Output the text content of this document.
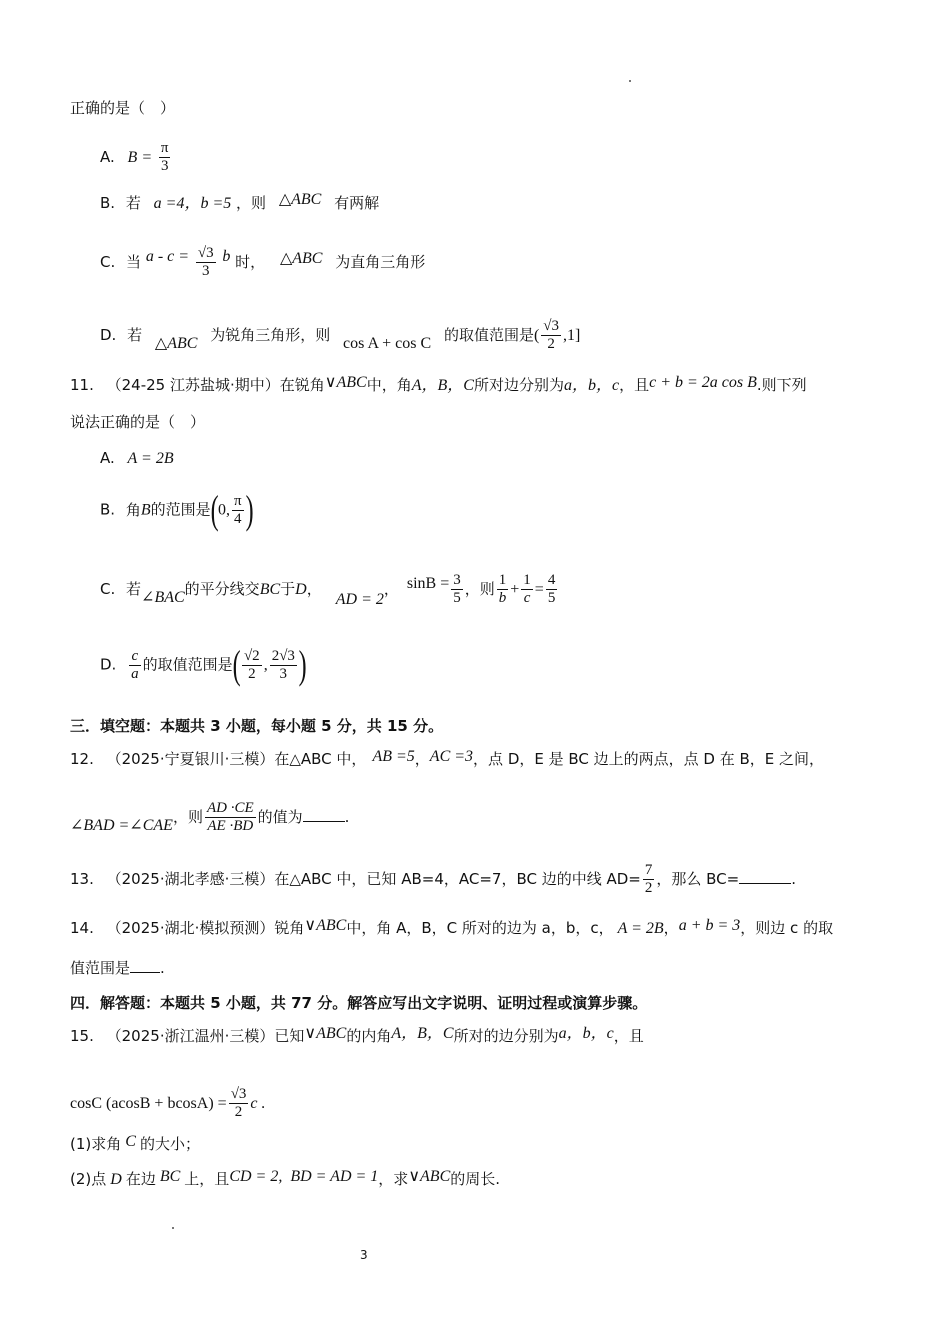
正确的是（　）
A. $B = \frac{\pi}{3}$
B. 若 a =4，b =5 ，则 △ABC 有两解
C. 当 $a - c = \frac{√3}{3}$ b 时， △ABC 为直角三角形
D. 若 △ABC 为锐角三角形，则 cos A + cos C 的取值范围是( $\frac{√3}{2} ,1$]
11. （24-25 江苏盐城·期中）在锐角∨ABC中，角A，B，C所对边分别为a，b，c，且c + b = 2a cos B.则下列
说法正确的是（　）
A. A = 2B
B. 角B的范围是(0, $\frac{\pi}{4}$ )
C. 若∠BAC的平分线交BC于D，AD = 2， $\sin B = \frac{3}{5}$ ，则 $\frac{1}{b} + \frac{1}{c} = \frac{4}{5}$
D. $\frac{c}{a}$ 的取值范围是( $\frac{√2}{2}$ , $\frac{2√3}{3}$ )
三．填空题：本题共 3 小题，每小题 5 分，共 15 分。
12. （2025·宁夏银川·三模）在△ABC 中， AB =5，AC =3，点 D，E 是 BC 边上的两点，点 D 在 B，E 之间，
∠BAD =∠CAE，则 $\frac{AD \cdot CE}{AE \cdot BD}$ 的值为	.
13. （2025·湖北孝感·三模）在△ABC 中，已知 AB=4，AC=7，BC 边的中线 $AD= \frac{7}{2}$ ，那么 BC=	.
14. （2025·湖北·模拟预测）锐角∨ABC中，角 A，B，C 所对的边为 a，b，c， A = 2B，a + b = 3，则边 c 的取
值范围是 .
四．解答题：本题共 5 小题，共 77 分。解答应写出文字说明、证明过程或演算步骤。
15. （2025·浙江温州·三模）已知∨ABC的内角A，B，C所对的边分别为a，b，c，且
cosC $(acosB + bcosA) = \frac{√3}{2}$ c .
(1)求角 C 的大小；
(2)点 D 在边 BC 上，且CD = 2,  BD = AD = 1，求∨ABC的周长.
3
